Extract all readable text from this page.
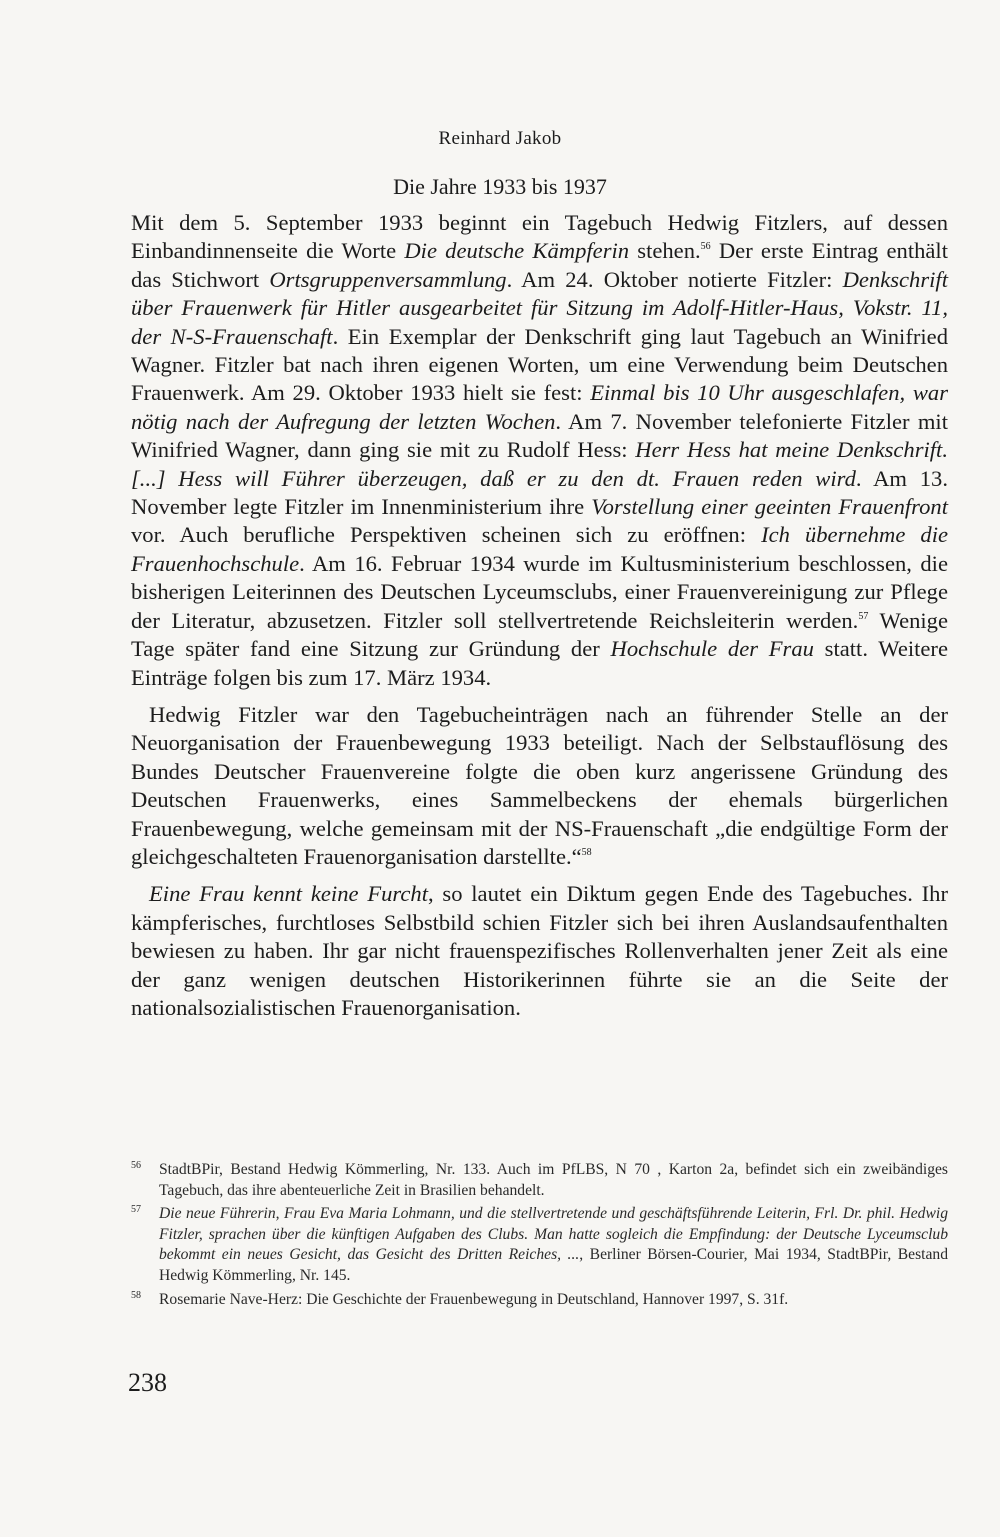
Reinhard Jakob
Die Jahre 1933 bis 1937

Mit dem 5. September 1933 beginnt ein Tagebuch Hedwig Fitzlers, auf dessen Einbandinnenseite die Worte Die deutsche Kämpferin stehen.$^{56}$ Der erste Eintrag enthält das Stichwort Ortsgruppenversammlung. Am 24. Oktober notierte Fitzler: Denkschrift über Frauenwerk für Hitler ausgearbeitet für Sitzung im Adolf-Hitler-Haus, Vokstr. 11, der N-S-Frauenschaft. Ein Exemplar der Denkschrift ging laut Tagebuch an Winifried Wagner. Fitzler bat nach ihren eigenen Worten, um eine Verwendung beim Deutschen Frauenwerk. Am 29. Oktober 1933 hielt sie fest: Einmal bis 10 Uhr ausgeschlafen, war nötig nach der Aufregung der letzten Wochen. Am 7. November telefonierte Fitzler mit Winifried Wagner, dann ging sie mit zu Rudolf Hess: Herr Hess hat meine Denkschrift. [...] Hess will Führer überzeugen, daß er zu den dt. Frauen reden wird. Am 13. November legte Fitzler im Innenministerium ihre Vorstellung einer geeinten Frauenfront vor. Auch berufliche Perspektiven scheinen sich zu eröffnen: Ich übernehme die Frauenhochschule. Am 16. Februar 1934 wurde im Kultusministerium beschlossen, die bisherigen Leiterinnen des Deutschen Lyceumsclubs, einer Frauenvereinigung zur Pflege der Literatur, abzusetzen. Fitzler soll stellvertretende Reichsleiterin werden.$^{57}$ Wenige Tage später fand eine Sitzung zur Gründung der Hochschule der Frau statt. Weitere Einträge folgen bis zum 17. März 1934.

Hedwig Fitzler war den Tagebucheinträgen nach an führender Stelle an der Neuorganisation der Frauenbewegung 1933 beteiligt. Nach der Selbstauflösung des Bundes Deutscher Frauenvereine folgte die oben kurz angerissene Gründung des Deutschen Frauenwerks, eines Sammelbeckens der ehemals bürgerlichen Frauenbewegung, welche gemeinsam mit der NS-Frauenschaft „die endgültige Form der gleichgeschalteten Frauenorganisation darstellte.“$^{58}$

Eine Frau kennt keine Furcht, so lautet ein Diktum gegen Ende des Tagebuches. Ihr kämpferisches, furchtloses Selbstbild schien Fitzler sich bei ihren Auslandsaufenthalten bewiesen zu haben. Ihr gar nicht frauenspezifisches Rollenverhalten jener Zeit als eine der ganz wenigen deutschen Historikerinnen führte sie an die Seite der nationalsozialistischen Frauenorganisation.

56 StadtBPir, Bestand Hedwig Kömmerling, Nr. 133. Auch im PfLBS, N 70 , Karton 2a, befindet sich ein zweibändiges Tagebuch, das ihre abenteuerliche Zeit in Brasilien behandelt.
57 Die neue Führerin, Frau Eva Maria Lohmann, und die stellvertretende und geschäftsführende Leiterin, Frl. Dr. phil. Hedwig Fitzler, sprachen über die künftigen Aufgaben des Clubs. Man hatte sogleich die Empfindung: der Deutsche Lyceumsclub bekommt ein neues Gesicht, das Gesicht des Dritten Reiches, ..., Berliner Börsen-Courier, Mai 1934, StadtBPir, Bestand Hedwig Kömmerling, Nr. 145.
58 Rosemarie Nave-Herz: Die Geschichte der Frauenbewegung in Deutschland, Hannover 1997, S. 31f.
238
